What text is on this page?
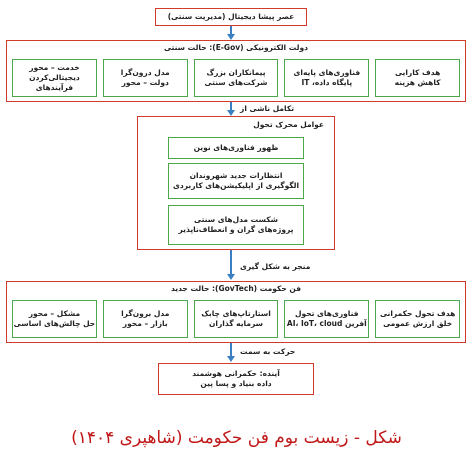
عصر پیشا دیجیتال (مدیریت سنتی)
دولت الکترونیکی (E-Gov): حالت سنتی
هدف کارایی
کاهش هزینه
فناوری‌های پایه‌ای
پایگاه داده، IT
پیمانکاران بزرگ
شرکت‌های سنتی
مدل درون‌گرا
دولت – محور
خدمت – محور
دیجیتالی‌کردن فرآیندهای
تکامل ناشی از
عوامل محرک تحول
ظهور فناوری‌های نوین
انتظارات جدید شهروندان
الگوگیری از اپلیکیشن‌های کاربردی
شکست مدل‌های سنتی
پروژه‌های گران و انعطاف‌ناپذیر
منجر به شکل گیری
فن حکومت (GovTech): حالت جدید
هدف تحول حکمرانی
خلق ارزش عمومی
فناوری‌های تحول
آفرین AI، IoT، cloud
استارتاپ‌های چابک
سرمایه گذاران
مدل برون‌گرا
بازار – محور
مشکل – محور
حل چالش‌های اساسی
حرکت به سمت
آینده: حکمرانی هوشمند
داده بنیاد و پسا پین
شکل - زیست بوم فن حکومت (شاهپری ۱۴۰۴)
